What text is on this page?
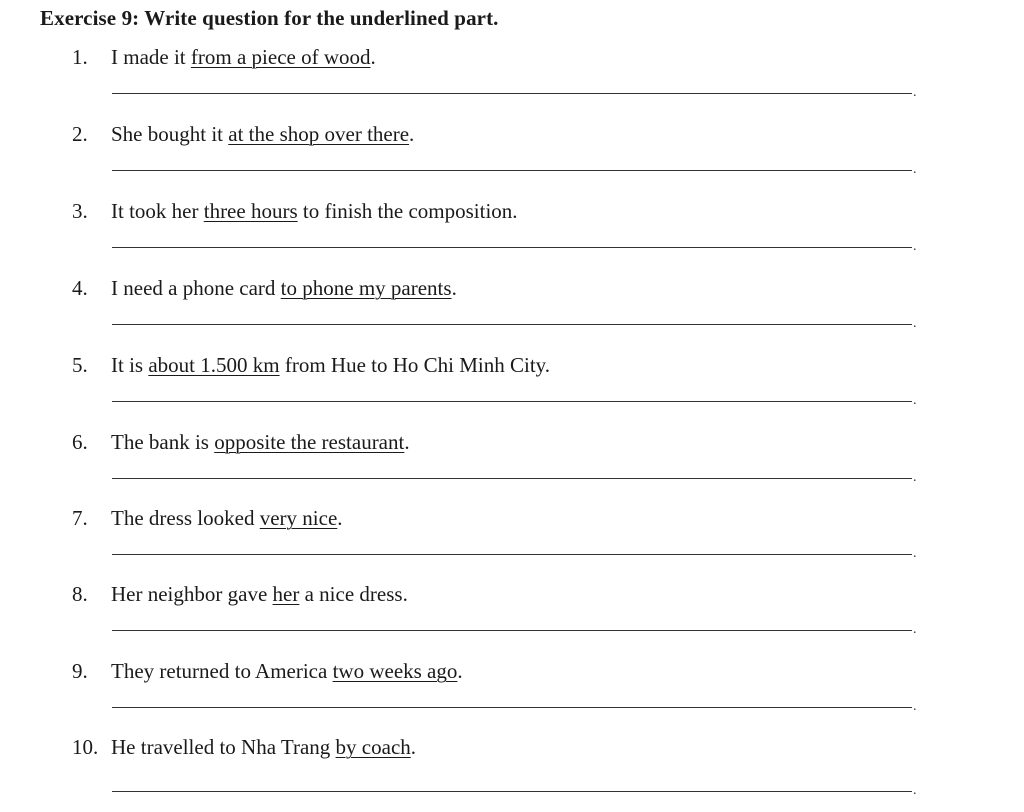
Exercise 9: Write question for the underlined part.
1.	I made it from a piece of wood.
.
2.	She bought it at the shop over there.
.
3.	It took her three hours to finish the composition.
.
4.	I need a phone card to phone my parents.
.
5.	It is about 1.500 km from Hue to Ho Chi Minh City.
.
6.	The bank is opposite the restaurant.
.
7.	The dress looked very nice.
.
8.	Her neighbor gave her a nice dress.
.
9.	They returned to America two weeks ago.
.
10. He travelled to Nha Trang by coach.
.
